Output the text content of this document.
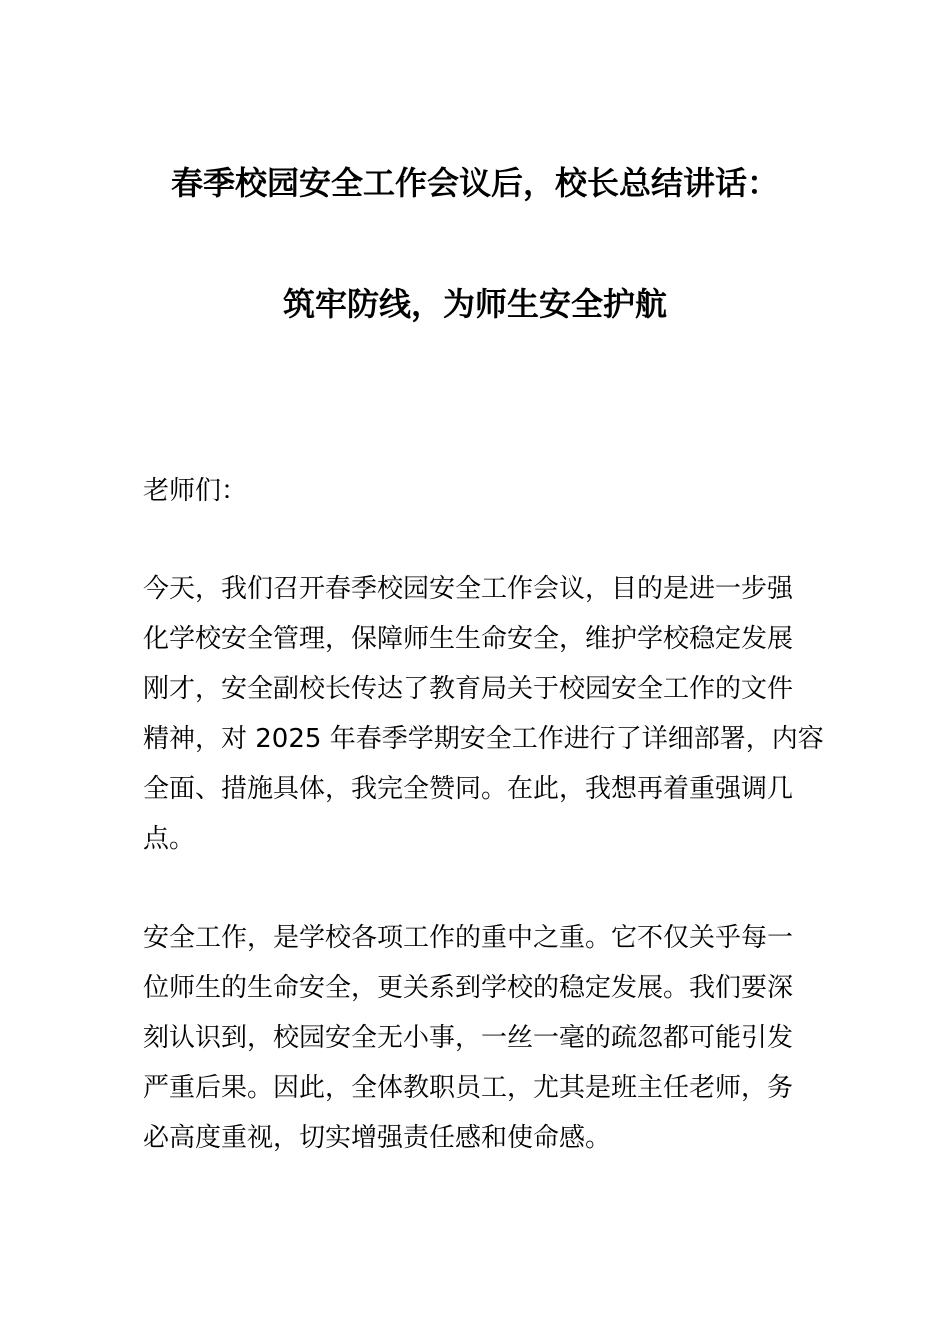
春季校园安全工作会议后，校长总结讲话：
筑牢防线，为师生安全护航
老师们：
今天，我们召开春季校园安全工作会议，目的是进一步强
化学校安全管理，保障师生生命安全，维护学校稳定发展
刚才，安全副校长传达了教育局关于校园安全工作的文件
精神，对 2025 年春季学期安全工作进行了详细部署，内容
全面、措施具体，我完全赞同。在此，我想再着重强调几
点。
安全工作，是学校各项工作的重中之重。它不仅关乎每一
位师生的生命安全，更关系到学校的稳定发展。我们要深
刻认识到，校园安全无小事，一丝一毫的疏忽都可能引发
严重后果。因此，全体教职员工，尤其是班主任老师，务
必高度重视，切实增强责任感和使命感。
